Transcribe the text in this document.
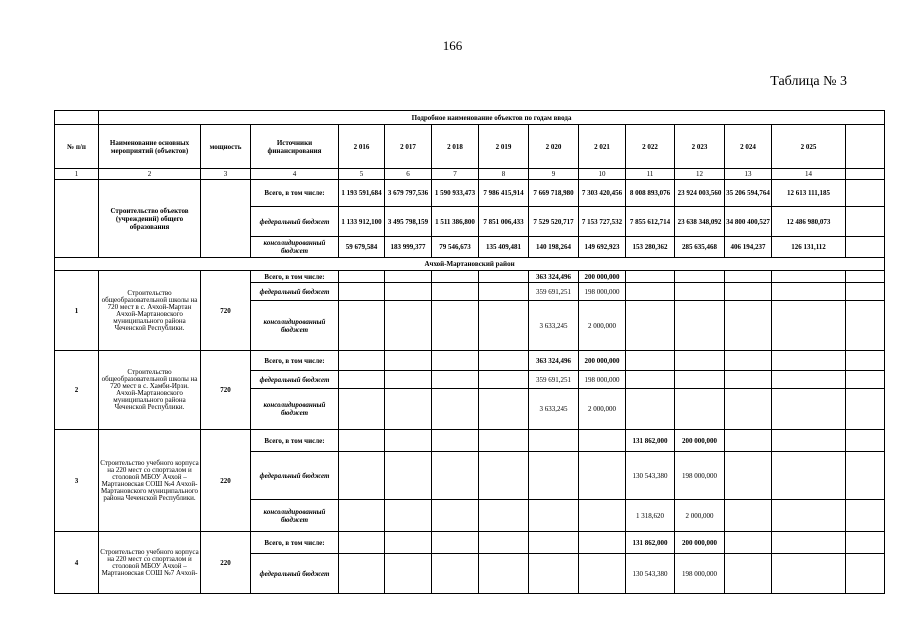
166
Таблица № 3
	Подробное наименование объектов по годам ввода													
№ п/п	Наименование основных мероприятий (объектов)	мощность	Источники финансирования	2 016	2 017	2 018	2 019	2 020	2 021	2 022	2 023	2 024	2 025	
1	2	3	4	5	6	7	8	9	10	11	12	13	14	
	Строительство объектов (учреждений) общего образования		Всего, в том числе:	1 193 591,684	3 679 797,536	1 590 933,473	7 986 415,914	7 669 718,980	7 303 420,456	8 008 893,076	23 924 003,560	35 206 594,764	12 613 111,185	
			федеральный бюджет	1 133 912,100	3 495 798,159	1 511 386,800	7 851 006,433	7 529 520,717	7 153 727,532	7 855 612,714	23 638 348,092	34 800 400,527	12 486 980,073	
			консолидированный бюджет	59 679,584	183 999,377	79 546,673	135 409,481	140 198,264	149 692,923	153 280,362	285 635,468	406 194,237	126 131,112	
Ачхой-Мартановский район														
1	Строительство общеобразовательной школы на 720 мест в с. Ачхой-Мартан Ачхой-Мартановского муниципального района Чеченской Республики.	720	Всего, в том числе:					363 324,496	200 000,000					
			федеральный бюджет					359 691,251	198 000,000					
			консолидированный бюджет					3 633,245	2 000,000					
2	Строительство общеобразовательной школы на 720 мест в с. Хамби-Ирзи. Ачхой-Мартановского муниципального района Чеченской Республики.	720	Всего, в том числе:					363 324,496	200 000,000					
			федеральный бюджет					359 691,251	198 000,000					
			консолидированный бюджет					3 633,245	2 000,000					
3	Строительство учебного корпуса на 220 мест со спортзалом и столовой МБОУ Ачхой – Мартановская СОШ №4 Ачхой-Мартановского муниципального района Чеченской Республики.	220	Всего, в том числе:							131 862,000	200 000,000			
			федеральный бюджет							130 543,380	198 000,000			
			консолидированный бюджет							1 318,620	2 000,000			
4	Строительство учебного корпуса на 220 мест со спортзалом и столовой МБОУ Ачхой – Мартановская СОШ №7 Ачхой-	220	Всего, в том числе:							131 862,000	200 000,000			
			федеральный бюджет							130 543,380	198 000,000			
